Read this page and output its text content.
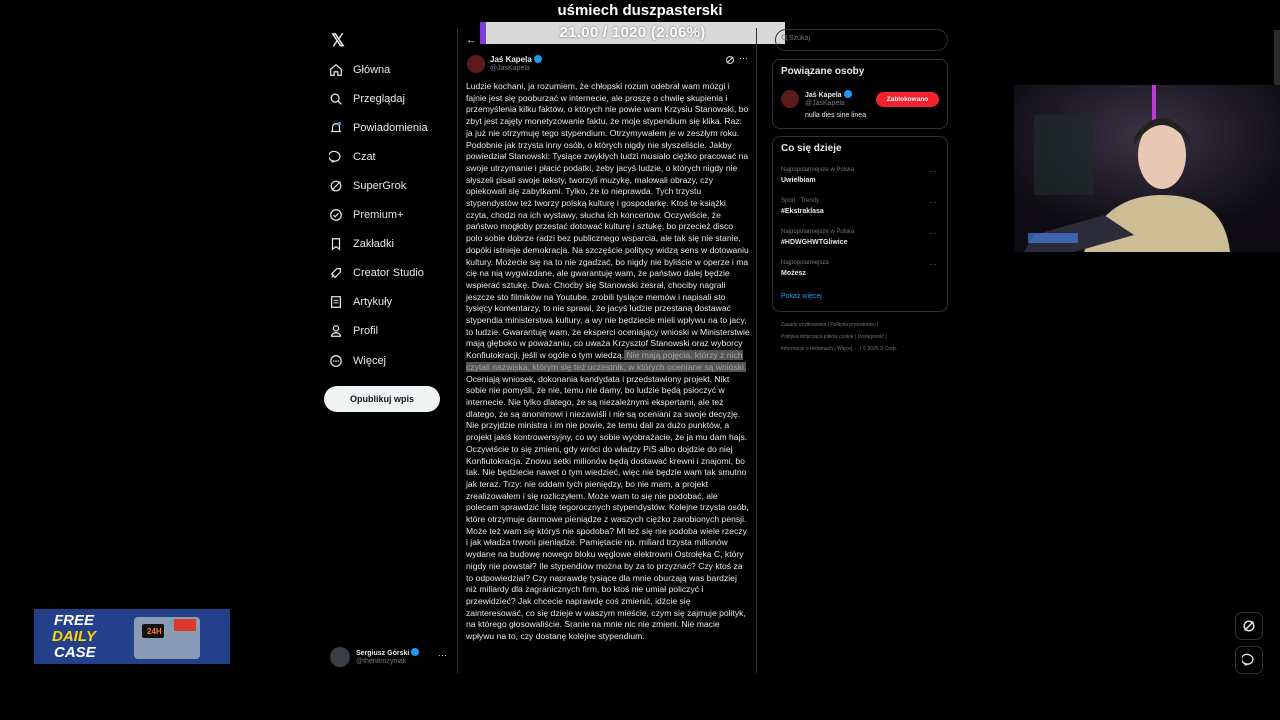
uśmiech duszpasterski
21.00 / 1020 (2.06%)
𝕏
Główna
Przeglądaj
Powiadomienia
Czat
SuperGrok
Premium+
Zakładki
Creator Studio
Artykuły
Profil
Więcej
Opublikuj wpis
Sergiusz Górski
@thenitrozyniak
···
←
Jaś Kapela
@JasKapela
···
Ludzie kochani, ja rozumiem, że chłopski rozum odebrał wam mózgi i fajnie jest się pooburzać w internecie, ale proszę o chwilę skupienia i przemyślenia kilku faktów, o których nie powie wam Krzysiu Stanowski, bo zbyt jest zajęty monetyzowanie faktu, że moje stypendium się klika. Raz: ja już nie otrzymuję tego stypendium. Otrzymywałem je w zeszłym roku. Podobnie jak trzysta inny osób, o których nigdy nie słyszeliście. Jakby powiedział Stanowski: Tysiące zwykłych ludzi musiało ciężko pracować na swoje utrzymanie i płacić podatki, żeby jacyś ludzie, o których nigdy nie słyszeli pisali swoje teksty, tworzyli muzykę, malowali obrazy, czy opiekowali się zabytkami. Tylko, że to nieprawda. Tych trzystu stypendystów też tworzy polską kulturę i gospodarkę. Ktoś te książki czyta, chodzi na ich wystawy, słucha ich koncertów. Oczywiście, że państwo mogłoby przestać dotować kulturę i sztukę, bo przecież disco polo sobie dobrze radzi bez publicznego wsparcia, ale tak się nie stanie, dopóki istnieje demokracja. Na szczęście politycy widzą sens w dotowaniu kultury. Możecie się na to nie zgadzać, bo nigdy nie byliście w operze i ma cię na nią wygwizdane, ale gwarantuję wam, że państwo dalej będzie wspierać sztukę. Dwa: Choćby się Stanowski zesrał, chociby nagrali jeszcze sto filmików na Youtube, zrobili tysiące memów i napisali sto tysięcy komentarzy, to nie sprawi, że jacyś ludzie przestaną dostawać stypendia ministerstwa kultury, a wy nie będziecie mieli wpływu na to jacy, to ludzie. Gwarantuję wam, że eksperci oceniający wnioski w Ministerstwie mają głęboko w poważaniu, co uważa Krzysztof Stanowski oraz wyborcy Konfiutokracji, jeśli w ogóle o tym wiedzą. Nie mają pojęcia, którzy z nich czytali nazwiska, którym się też uczestnik, w których oceniane są wnioski. Oceniają wniosek, dokonania kandydata i przedstawiony projekt. Nikt sobie nie pomyśli, że nie, temu nie damy, bo ludzie będą psioczyć w internecie. Nie tylko dlatego, że są niezależnymi ekspertami, ale też dlatego, że są anonimowi i niezawiśli i nie są oceniani za swoje decyzję. Nie przyjdzie ministra i im nie powie, że temu dali za dużo punktów, a projekt jakiś kontrowersyjny, co wy sobie wyobrażacie, że ja mu dam hajs. Oczywiście to się zmieni, gdy wróci do władzy PiS albo dojdzie do niej Konfiutokracja. Znowu setki milionów będą dostawać krewni i znajomi, bo tak. Nie będziecie nawet o tym wiedzieć, więc nie będzie wam tak smutno jak teraz. Trzy: nie oddam tych pieniędzy, bo nie mam, a projekt zrealizowałem i się rozliczyłem. Może wam to się nie podobać, ale polecam sprawdzić listę tegorocznych stypendystów. Kolejne trzysta osób, które otrzymuje darmowe pieniądze z waszych ciężko zarobionych pensji. Może też wam się któryś nie spodoba? Mi też się nie podoba wiele rzeczy i jak władza trwoni pieniądze. Pamiętacie np. miliard trzysta milionów wydane na budowę nowego bloku węglowe elektrowni Ostrołęka C, który nigdy nie powstał? Ile stypendiów można by za to przyznać? Czy ktoś za to odpowiedział? Czy naprawdę tysiące dla mnie oburzają was bardziej niż miliardy dla zagranicznych firm, bo ktoś nie umiał policzyć i przewidzieć? Jak chcecie naprawdę coś zmienić, idźcie się zainteresować, co się dzieje w waszym mieście, czym się zajmuje polityk, na którego głosowaliście. Sranie na mnie nic nie zmieni. Nie macie wpływu na to, czy dostanę kolejne stypendium.
Szukaj
Powiązane osoby
Jaś Kapela
@JasKapela
nulla dies sine linea
Zablokowano
Co się dzieje
Najpopularniejsze w Polska
Uwielbiam
···
Sport · Trendy
#Ekstraklasa
···
Najpopularniejsze w Polska
#HDWGHWTGliwice
···
Najpopularniejsza
Możesz
···
Pokaż więcej
Zasady użytkowania | Polityka prywatności |
Polityka dotycząca plików cookie | Dostępność |
Informacje o reklamach | Więcej ··· | © 2025 X Corp.
FREE
DAILY
CASE
24H
